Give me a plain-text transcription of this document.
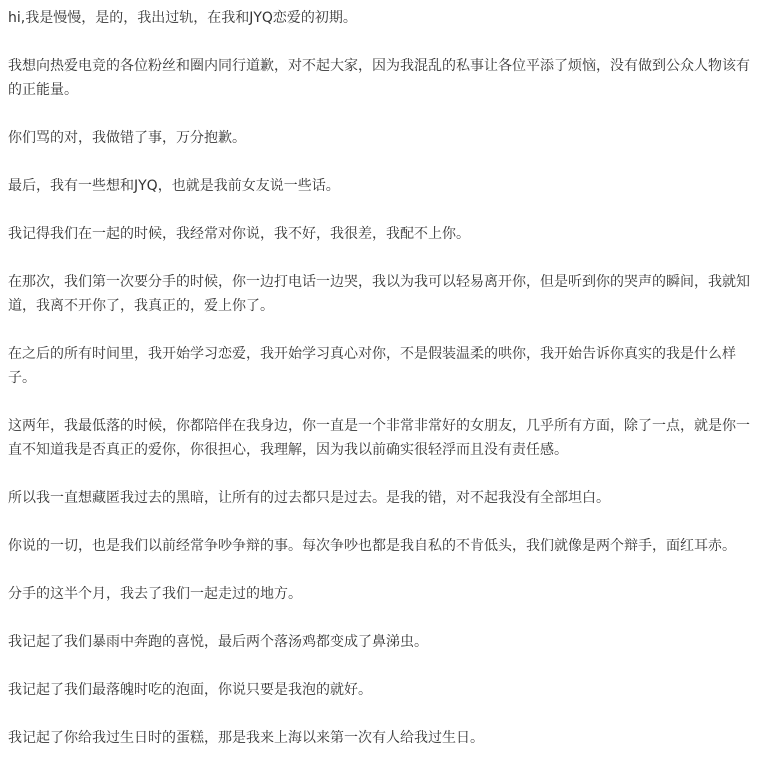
hi,我是慢慢，是的，我出过轨，在我和JYQ恋爱的初期。

我想向热爱电竞的各位粉丝和圈内同行道歉，对不起大家，因为我混乱的私事让各位平添了烦恼，没有做到公众人物该有的正能量。

你们骂的对，我做错了事，万分抱歉。

最后，我有一些想和JYQ，也就是我前女友说一些话。

我记得我们在一起的时候，我经常对你说，我不好，我很差，我配不上你。

在那次，我们第一次要分手的时候，你一边打电话一边哭，我以为我可以轻易离开你，但是听到你的哭声的瞬间，我就知道，我离不开你了，我真正的，爱上你了。

在之后的所有时间里，我开始学习恋爱，我开始学习真心对你，不是假装温柔的哄你，我开始告诉你真实的我是什么样子。

这两年，我最低落的时候，你都陪伴在我身边，你一直是一个非常非常好的女朋友，几乎所有方面，除了一点，就是你一直不知道我是否真正的爱你，你很担心，我理解，因为我以前确实很轻浮而且没有责任感。

所以我一直想藏匿我过去的黑暗，让所有的过去都只是过去。是我的错，对不起我没有全部坦白。

你说的一切，也是我们以前经常争吵争辩的事。每次争吵也都是我自私的不肯低头，我们就像是两个辩手，面红耳赤。

分手的这半个月，我去了我们一起走过的地方。

我记起了我们暴雨中奔跑的喜悦，最后两个落汤鸡都变成了鼻涕虫。

我记起了我们最落魄时吃的泡面，你说只要是我泡的就好。

我记起了你给我过生日时的蛋糕，那是我来上海以来第一次有人给我过生日。
